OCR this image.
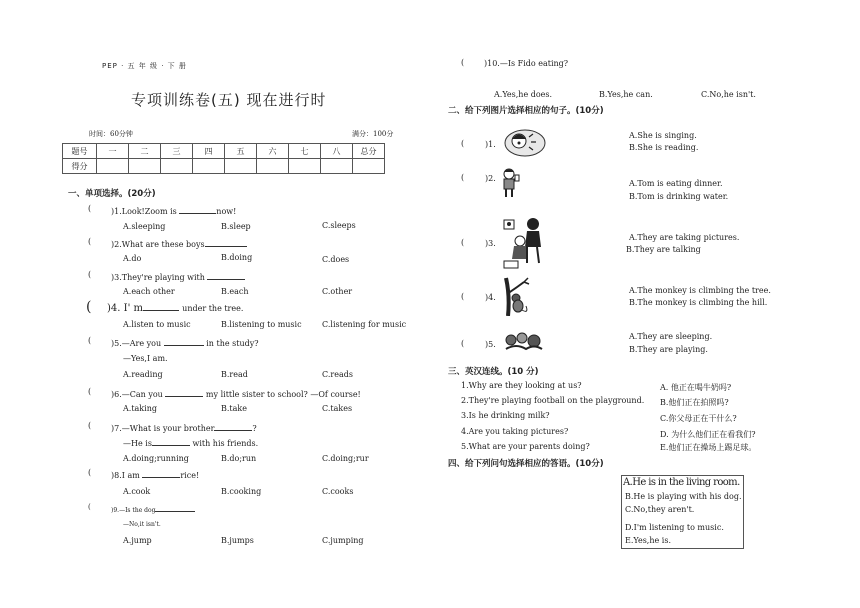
PEP · 五 年 级 · 下 册
专项训练卷(五) 现在进行时
时间：60分钟	满分：100分
题号	一	二	三	四	五	六	七	八	总分
得分									
一、单项选择。(20分)
( )1.Look!Zoom is	now!
A.sleeping	B.sleep	C.sleeps
( )2.What are these boys
A.do	B.doing	C.does
( )3.They're playing with
A.each other	B.each	C.other
( )4. I' m	under the tree.
A.listen to music	B.listening to music	C.listening for music
( )5.—Are you	in the study?
—Yes,I am.
A.reading	B.read	C.reads
( )6.—Can you	my little sister to school? —Of course!
A.taking	B.take	C.takes
( )7.—What is your brother	?
—He is	with his friends.
A.doing;running	B.do;run	C.doing;rur
( )8.I am	rice!
A.cook	B.cooking	C.cooks
(	)9.—Is the dog
—No,it isn't.
A.jump	B.jumps	C.jumping
( )10.—Is Fido eating?
A.Yes,he does.	B.Yes,he can.	C.No,he isn't.
二、给下列图片选择相应的句子。(10分)
(	)1.
A.She is singing.
B.She is reading.
(	)2.
A.Tom is eating dinner.
B.Tom is drinking water.
(	)3.
A.They are taking pictures.
B.They are talking
(	)4.
A.The monkey is climbing the tree.
B.The monkey is climbing the hill.
(	)5.
A.They are sleeping.
B.They are playing.
三、英汉连线。(10 分)
1.Why are they looking at us?
2.They're playing football on the playground.
3.Is he drinking milk?
4.Are you taking pictures?
5.What are your parents doing?
A. 他正在喝牛奶吗?
B.他们正在拍照吗?
C.你父母正在干什么?
D. 为什么他们正在看我们?
E.他们正在操场上踢足球。
四、给下列问句选择相应的答语。(10分)
A.He is in the living room.
B.He is playing with his dog.
C.No,they aren't.
D.I'm listening to music.
E.Yes,he is.
